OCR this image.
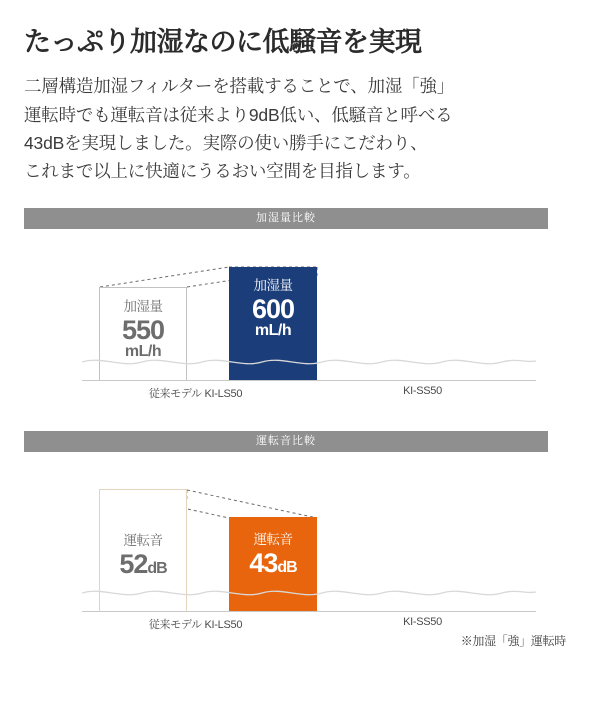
たっぷり加湿なのに低騒音を実現
二層構造加湿フィルターを搭載することで、加湿「強」
運転時でも運転音は従来より9dB低い、低騒音と呼べる
43dBを実現しました。実際の使い勝手にこだわり、
これまで以上に快適にうるおい空間を目指します。
加湿量比較
加湿量
550
mL/h
加湿量
600
mL/h
従来モデル KI-LS50	KI-SS50
運転音比較
運転音
52dB
運転音
43dB
従来モデル KI-LS50	KI-SS50
※加湿「強」運転時
